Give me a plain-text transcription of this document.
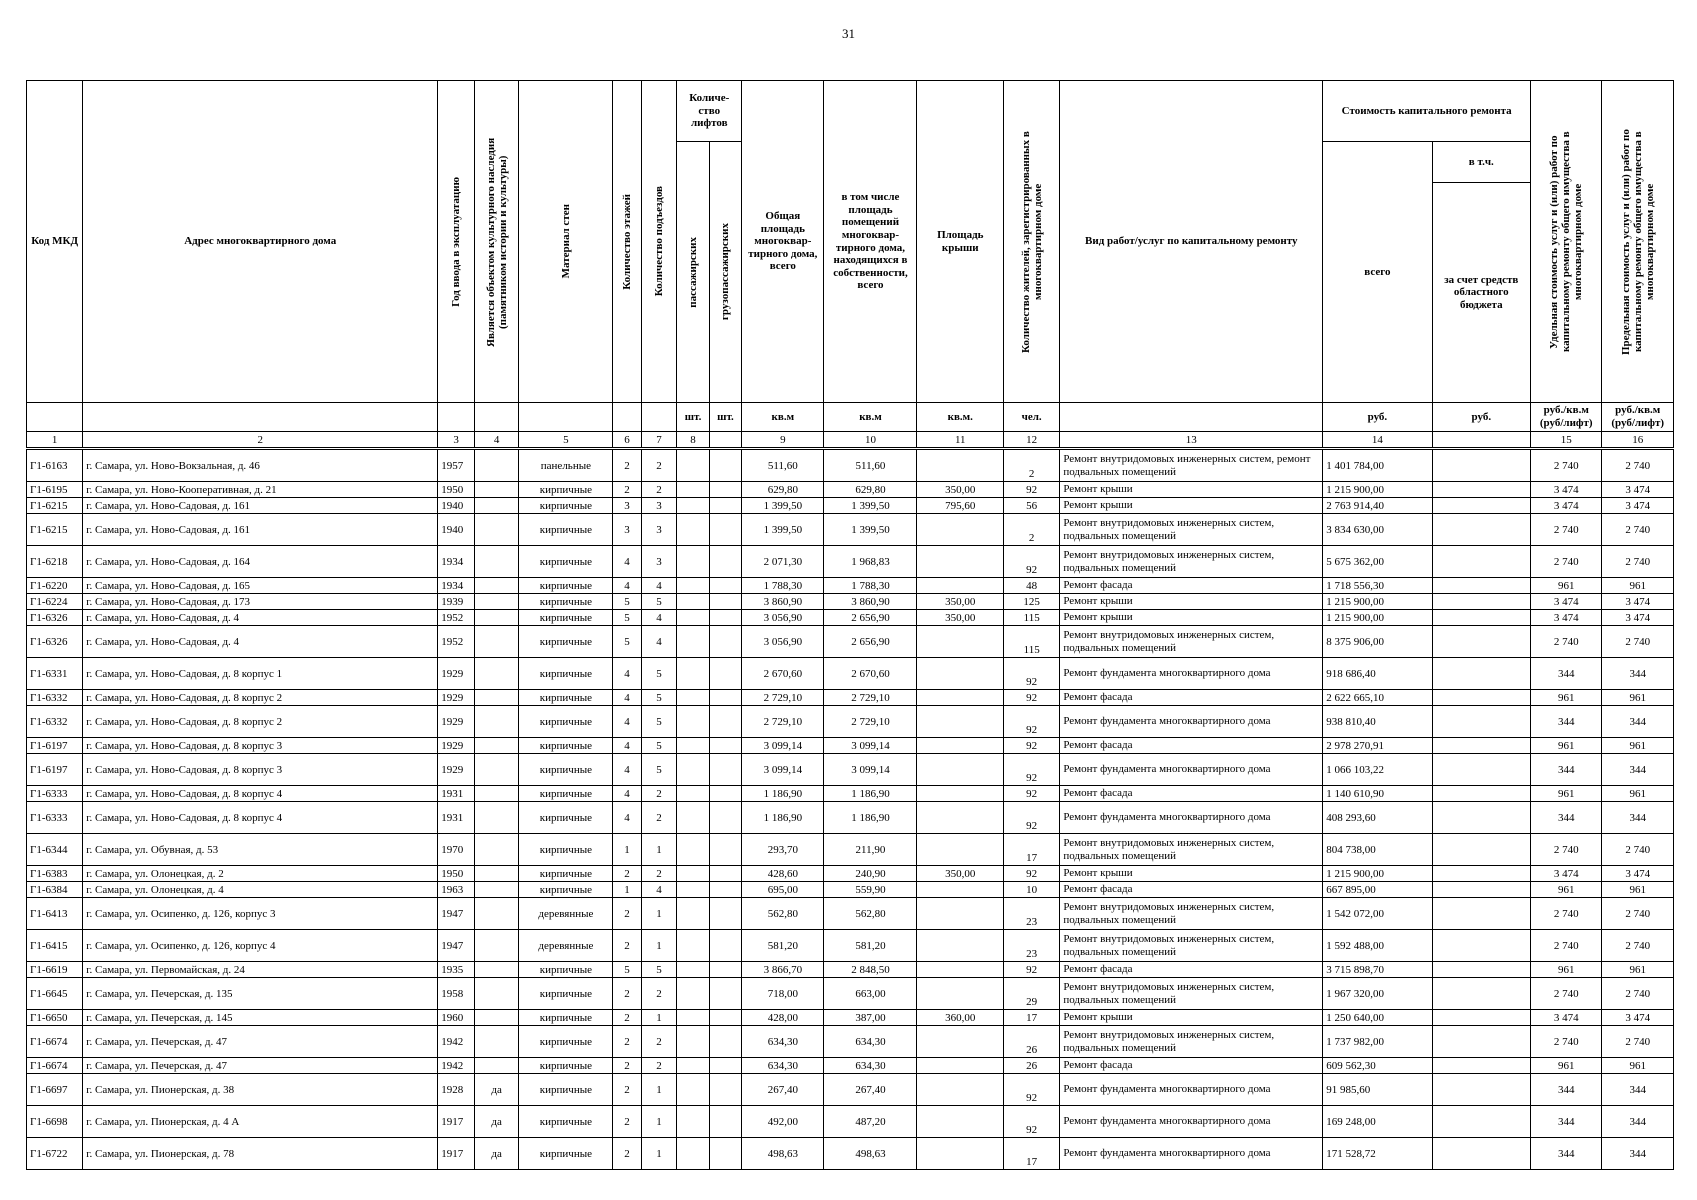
31
Код МКД	Адрес многоквартирного дома	Год ввода в эксплуатацию	Является объектом культурного наследия (памятником истории и культуры)	Материал стен	Количество этажей	Количество подъездов	Количе-ство лифтов		Общая площадь многоквар-тирного дома, всего	в том числе площадь помещений многоквар-тирного дома, находящихся в собственности, всего	Площадь крыши	Количество жителей, зарегистрированных в многоквартирном доме	Вид работ/услуг по капитальному ремонту	Стоимость капитального ремонта		Удельная стоимость услуг и (или) работ по капитальному ремонту общего имущества в многоквартирном доме	Предельная стоимость услуг и (или) работ по капитальному ремонту общего имущества в многоквартирном доме

							пассажирских	грузопассажирских						всего	в т.ч.		
															за счет средств областного бюджета		
							шт.	шт.	кв.м	кв.м	кв.м.	чел.		руб.	руб.	руб./кв.м (руб/лифт)	руб./кв.м (руб/лифт)
1	2	3	4	5	6	7	8		9	10	11	12	13	14		15	16
Г1-6163	г. Самара, ул. Ново-Вокзальная, д. 46	1957		панельные	2	2			511,60	511,60		2	Ремонт внутридомовых инженерных систем, ремонт подвальных помещений	1 401 784,00		2 740	2 740
Г1-6195	г. Самара, ул. Ново-Кооперативная, д. 21	1950		кирпичные	2	2			629,80	629,80	350,00	92	Ремонт крыши	1 215 900,00		3 474	3 474
Г1-6215	г. Самара, ул. Ново-Садовая, д. 161	1940		кирпичные	3	3			1 399,50	1 399,50	795,60	56	Ремонт крыши	2 763 914,40		3 474	3 474
Г1-6215	г. Самара, ул. Ново-Садовая, д. 161	1940		кирпичные	3	3			1 399,50	1 399,50		2	Ремонт внутридомовых инженерных систем, подвальных помещений	3 834 630,00		2 740	2 740
Г1-6218	г. Самара, ул. Ново-Садовая, д. 164	1934		кирпичные	4	3			2 071,30	1 968,83		92	Ремонт внутридомовых инженерных систем, подвальных помещений	5 675 362,00		2 740	2 740
Г1-6220	г. Самара, ул. Ново-Садовая, д. 165	1934		кирпичные	4	4			1 788,30	1 788,30		48	Ремонт фасада	1 718 556,30		961	961
Г1-6224	г. Самара, ул. Ново-Садовая, д. 173	1939		кирпичные	5	5			3 860,90	3 860,90	350,00	125	Ремонт крыши	1 215 900,00		3 474	3 474
Г1-6326	г. Самара, ул. Ново-Садовая, д. 4	1952		кирпичные	5	4			3 056,90	2 656,90	350,00	115	Ремонт крыши	1 215 900,00		3 474	3 474
Г1-6326	г. Самара, ул. Ново-Садовая, д. 4	1952		кирпичные	5	4			3 056,90	2 656,90		115	Ремонт внутридомовых инженерных систем, подвальных помещений	8 375 906,00		2 740	2 740
Г1-6331	г. Самара, ул. Ново-Садовая, д. 8 корпус 1	1929		кирпичные	4	5			2 670,60	2 670,60		92	Ремонт фундамента многоквартирного дома	918 686,40		344	344
Г1-6332	г. Самара, ул. Ново-Садовая, д. 8 корпус 2	1929		кирпичные	4	5			2 729,10	2 729,10		92	Ремонт фасада	2 622 665,10		961	961
Г1-6332	г. Самара, ул. Ново-Садовая, д. 8 корпус 2	1929		кирпичные	4	5			2 729,10	2 729,10		92	Ремонт фундамента многоквартирного дома	938 810,40		344	344
Г1-6197	г. Самара, ул. Ново-Садовая, д. 8 корпус 3	1929		кирпичные	4	5			3 099,14	3 099,14		92	Ремонт фасада	2 978 270,91		961	961
Г1-6197	г. Самара, ул. Ново-Садовая, д. 8 корпус 3	1929		кирпичные	4	5			3 099,14	3 099,14		92	Ремонт фундамента многоквартирного дома	1 066 103,22		344	344
Г1-6333	г. Самара, ул. Ново-Садовая, д. 8 корпус 4	1931		кирпичные	4	2			1 186,90	1 186,90		92	Ремонт фасада	1 140 610,90		961	961
Г1-6333	г. Самара, ул. Ново-Садовая, д. 8 корпус 4	1931		кирпичные	4	2			1 186,90	1 186,90		92	Ремонт фундамента многоквартирного дома	408 293,60		344	344
Г1-6344	г. Самара, ул. Обувная, д. 53	1970		кирпичные	1	1			293,70	211,90		17	Ремонт внутридомовых инженерных систем, подвальных помещений	804 738,00		2 740	2 740
Г1-6383	г. Самара, ул. Олонецкая, д. 2	1950		кирпичные	2	2			428,60	240,90	350,00	92	Ремонт крыши	1 215 900,00		3 474	3 474
Г1-6384	г. Самара, ул. Олонецкая, д. 4	1963		кирпичные	1	4			695,00	559,90		10	Ремонт фасада	667 895,00		961	961
Г1-6413	г. Самара, ул. Осипенко, д. 126, корпус 3	1947		деревянные	2	1			562,80	562,80		23	Ремонт внутридомовых инженерных систем, подвальных помещений	1 542 072,00		2 740	2 740
Г1-6415	г. Самара, ул. Осипенко, д. 126, корпус 4	1947		деревянные	2	1			581,20	581,20		23	Ремонт внутридомовых инженерных систем, подвальных помещений	1 592 488,00		2 740	2 740
Г1-6619	г. Самара, ул. Первомайская, д. 24	1935		кирпичные	5	5			3 866,70	2 848,50		92	Ремонт фасада	3 715 898,70		961	961
Г1-6645	г. Самара, ул. Печерская, д. 135	1958		кирпичные	2	2			718,00	663,00		29	Ремонт внутридомовых инженерных систем, подвальных помещений	1 967 320,00		2 740	2 740
Г1-6650	г. Самара, ул. Печерская, д. 145	1960		кирпичные	2	1			428,00	387,00	360,00	17	Ремонт крыши	1 250 640,00		3 474	3 474
Г1-6674	г. Самара, ул. Печерская, д. 47	1942		кирпичные	2	2			634,30	634,30		26	Ремонт внутридомовых инженерных систем, подвальных помещений	1 737 982,00		2 740	2 740
Г1-6674	г. Самара, ул. Печерская, д. 47	1942		кирпичные	2	2			634,30	634,30		26	Ремонт фасада	609 562,30		961	961
Г1-6697	г. Самара, ул. Пионерская, д. 38	1928	да	кирпичные	2	1			267,40	267,40		92	Ремонт фундамента многоквартирного дома	91 985,60		344	344
Г1-6698	г. Самара, ул. Пионерская, д. 4 А	1917	да	кирпичные	2	1			492,00	487,20		92	Ремонт фундамента многоквартирного дома	169 248,00		344	344
Г1-6722	г. Самара, ул. Пионерская, д. 78	1917	да	кирпичные	2	1			498,63	498,63		17	Ремонт фундамента многоквартирного дома	171 528,72		344	344
